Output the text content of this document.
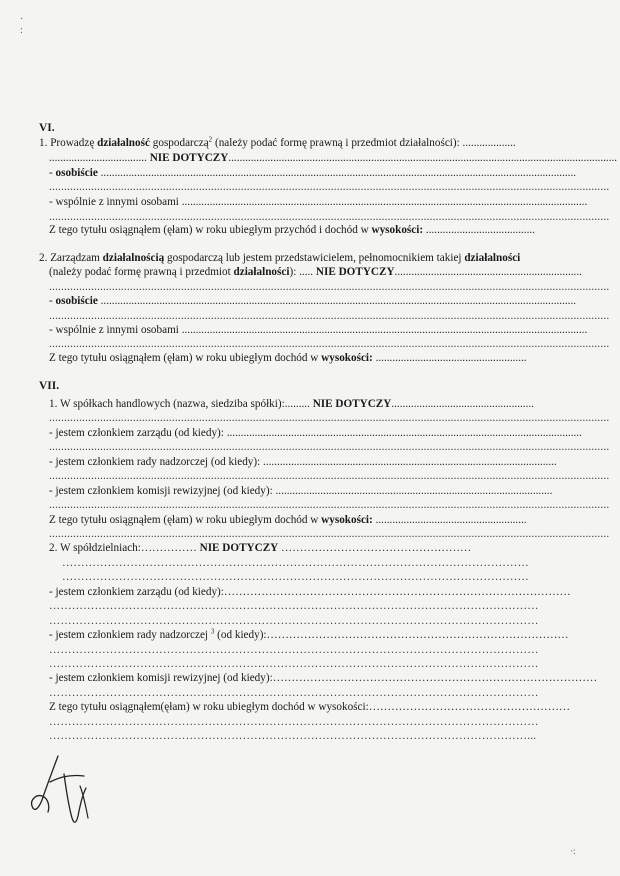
·
:
VI.
1. Prowadzę działalność gospodarczą$^2$ (należy podać formę prawną i przedmiot działalności): ...................
................................... NIE DOTYCZY...........................................................................................................................................
- osobiście ..........................................................................................................................................................................
...........................................................................................................................................................................................
- wspólnie z innymi osobami .................................................................................................................................................
...........................................................................................................................................................................................
Z tego tytułu osiągnąłem (ęłam) w roku ubiegłym przychód i dochód w wysokości: .......................................
2. Zarządzam działalnością gospodarczą lub jestem przedstawicielem, pełnomocnikiem takiej działalności
(należy podać formę prawną i przedmiot działalności): ..... NIE DOTYCZY...................................................................
...........................................................................................................................................................................................
- osobiście ..........................................................................................................................................................................
...........................................................................................................................................................................................
- wspólnie z innymi osobami .................................................................................................................................................
...........................................................................................................................................................................................
Z tego tytułu osiągnąłem (ęłam) w roku ubiegłym dochód w wysokości: ......................................................
VII.
1. W spółkach handlowych (nazwa, siedziba spółki):......... NIE DOTYCZY...................................................
...........................................................................................................................................................................................
- jestem członkiem zarządu (od kiedy): ...............................................................................................................................
...........................................................................................................................................................................................
- jestem członkiem rady nadzorczej (od kiedy): .........................................................................................................
...........................................................................................................................................................................................
- jestem członkiem komisji rewizyjnej (od kiedy): ...................................................................................................
...........................................................................................................................................................................................
Z tego tytułu osiągnąłem (ęłam) w roku ubiegłym dochód w wysokości: ......................................................
...........................................................................................................................................................................................
2. W spółdzielniach:…………… NIE DOTYCZY ……………………………………………
……………………………………………………………………………………………………………
……………………………………………………………………………………………………………
- jestem członkiem zarządu (od kiedy):…………………………………………………………………………………
…………………………………………………………………………………………………………………
…………………………………………………………………………………………………………………
- jestem członkiem rady nadzorczej $^3$ (od kiedy):………………………………………………………………………
…………………………………………………………………………………………………………………
…………………………………………………………………………………………………………………
- jestem członkiem komisji rewizyjnej (od kiedy):……………………………………………………………………………
…………………………………………………………………………………………………………………
Z tego tytułu osiągnąłem(ęłam) w roku ubiegłym dochód w wysokości:………………………………………………
…………………………………………………………………………………………………………………
………………………………………………………………………………………………………………...
·:
